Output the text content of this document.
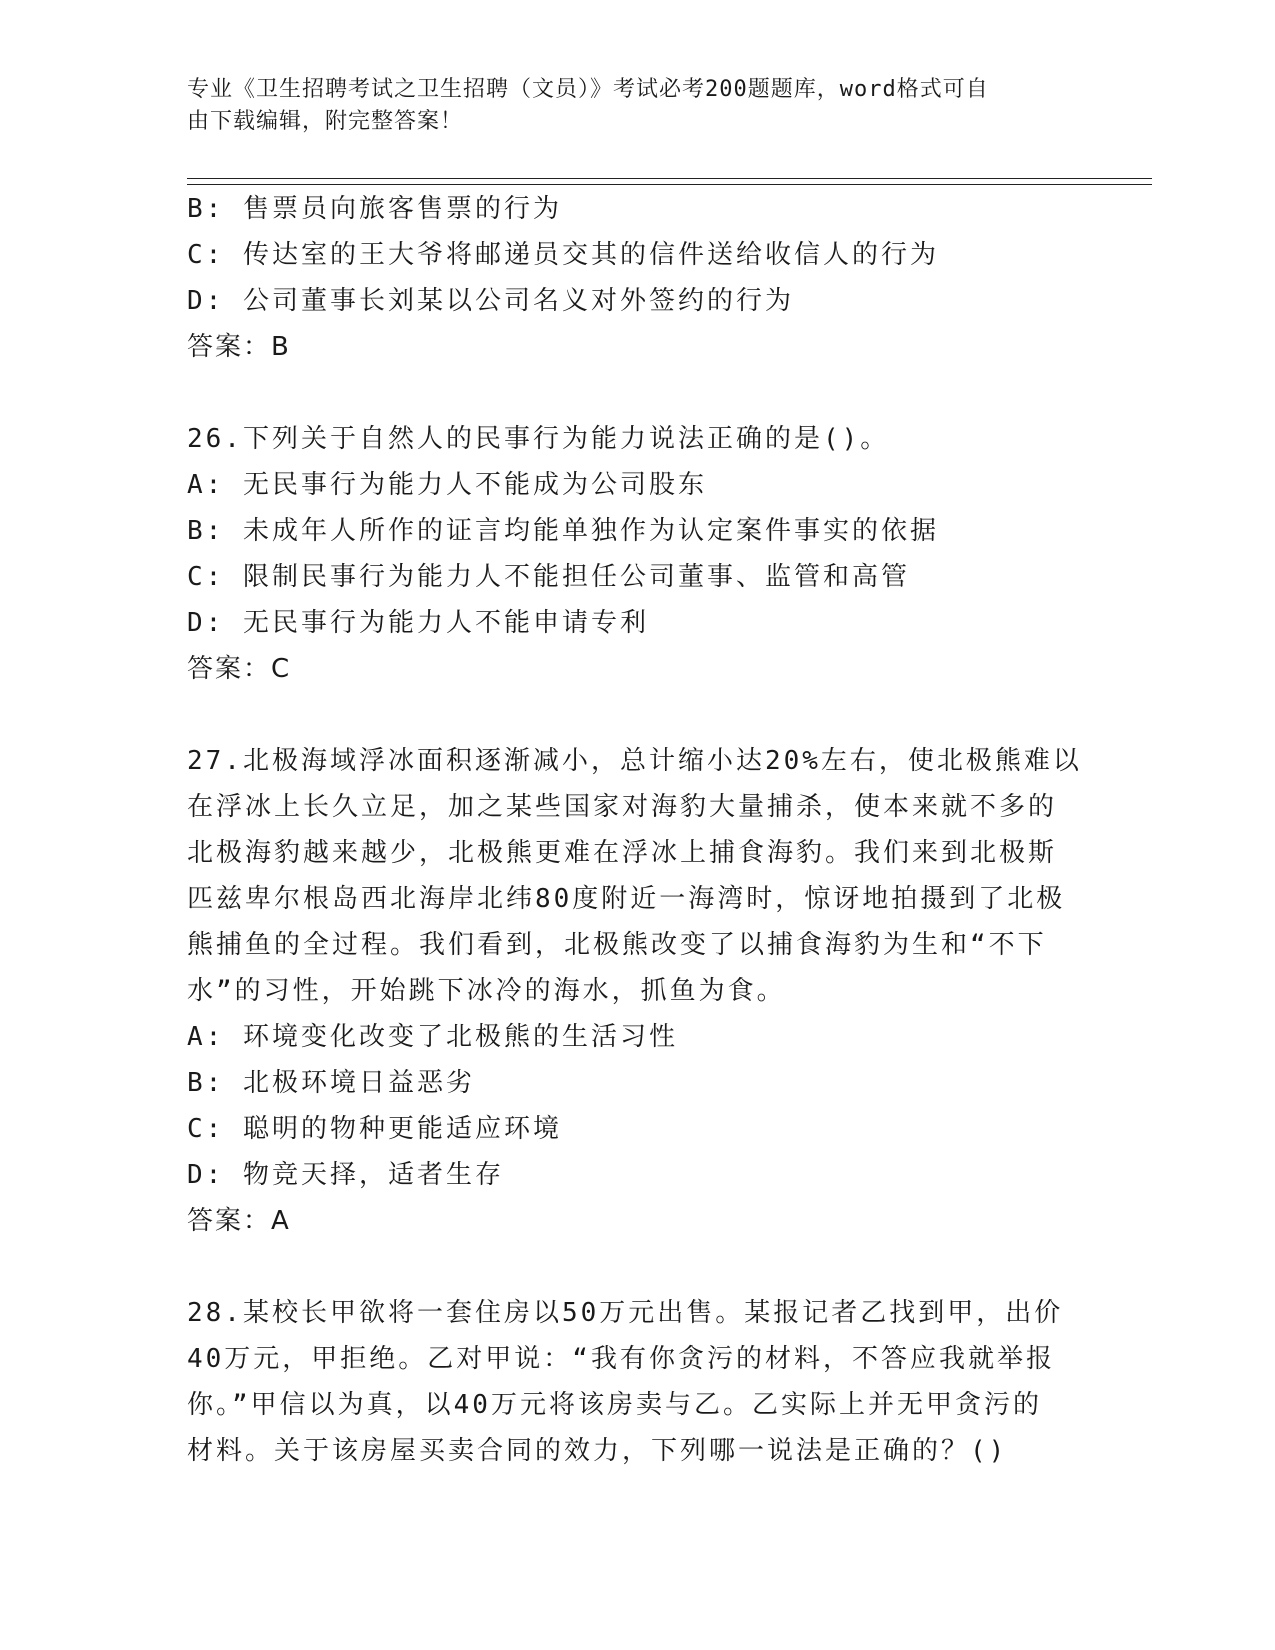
专业《卫生招聘考试之卫生招聘（文员）》考试必考200题题库，word格式可自
由下载编辑，附完整答案！
B: 售票员向旅客售票的行为
C: 传达室的王大爷将邮递员交其的信件送给收信人的行为
D: 公司董事长刘某以公司名义对外签约的行为
答案：B
26.下列关于自然人的民事行为能力说法正确的是()。
A: 无民事行为能力人不能成为公司股东
B: 未成年人所作的证言均能单独作为认定案件事实的依据
C: 限制民事行为能力人不能担任公司董事、监管和高管
D: 无民事行为能力人不能申请专利
答案：C
27.北极海域浮冰面积逐渐减小，总计缩小达20%左右，使北极熊难以
在浮冰上长久立足，加之某些国家对海豹大量捕杀，使本来就不多的
北极海豹越来越少，北极熊更难在浮冰上捕食海豹。我们来到北极斯
匹兹卑尔根岛西北海岸北纬80度附近一海湾时，惊讶地拍摄到了北极
熊捕鱼的全过程。我们看到，北极熊改变了以捕食海豹为生和“不下
水”的习性，开始跳下冰冷的海水，抓鱼为食。
A: 环境变化改变了北极熊的生活习性
B: 北极环境日益恶劣
C: 聪明的物种更能适应环境
D: 物竞天择，适者生存
答案：A
28.某校长甲欲将一套住房以50万元出售。某报记者乙找到甲，出价
40万元，甲拒绝。乙对甲说：“我有你贪污的材料，不答应我就举报
你。”甲信以为真，以40万元将该房卖与乙。乙实际上并无甲贪污的
材料。关于该房屋买卖合同的效力，下列哪一说法是正确的？()
